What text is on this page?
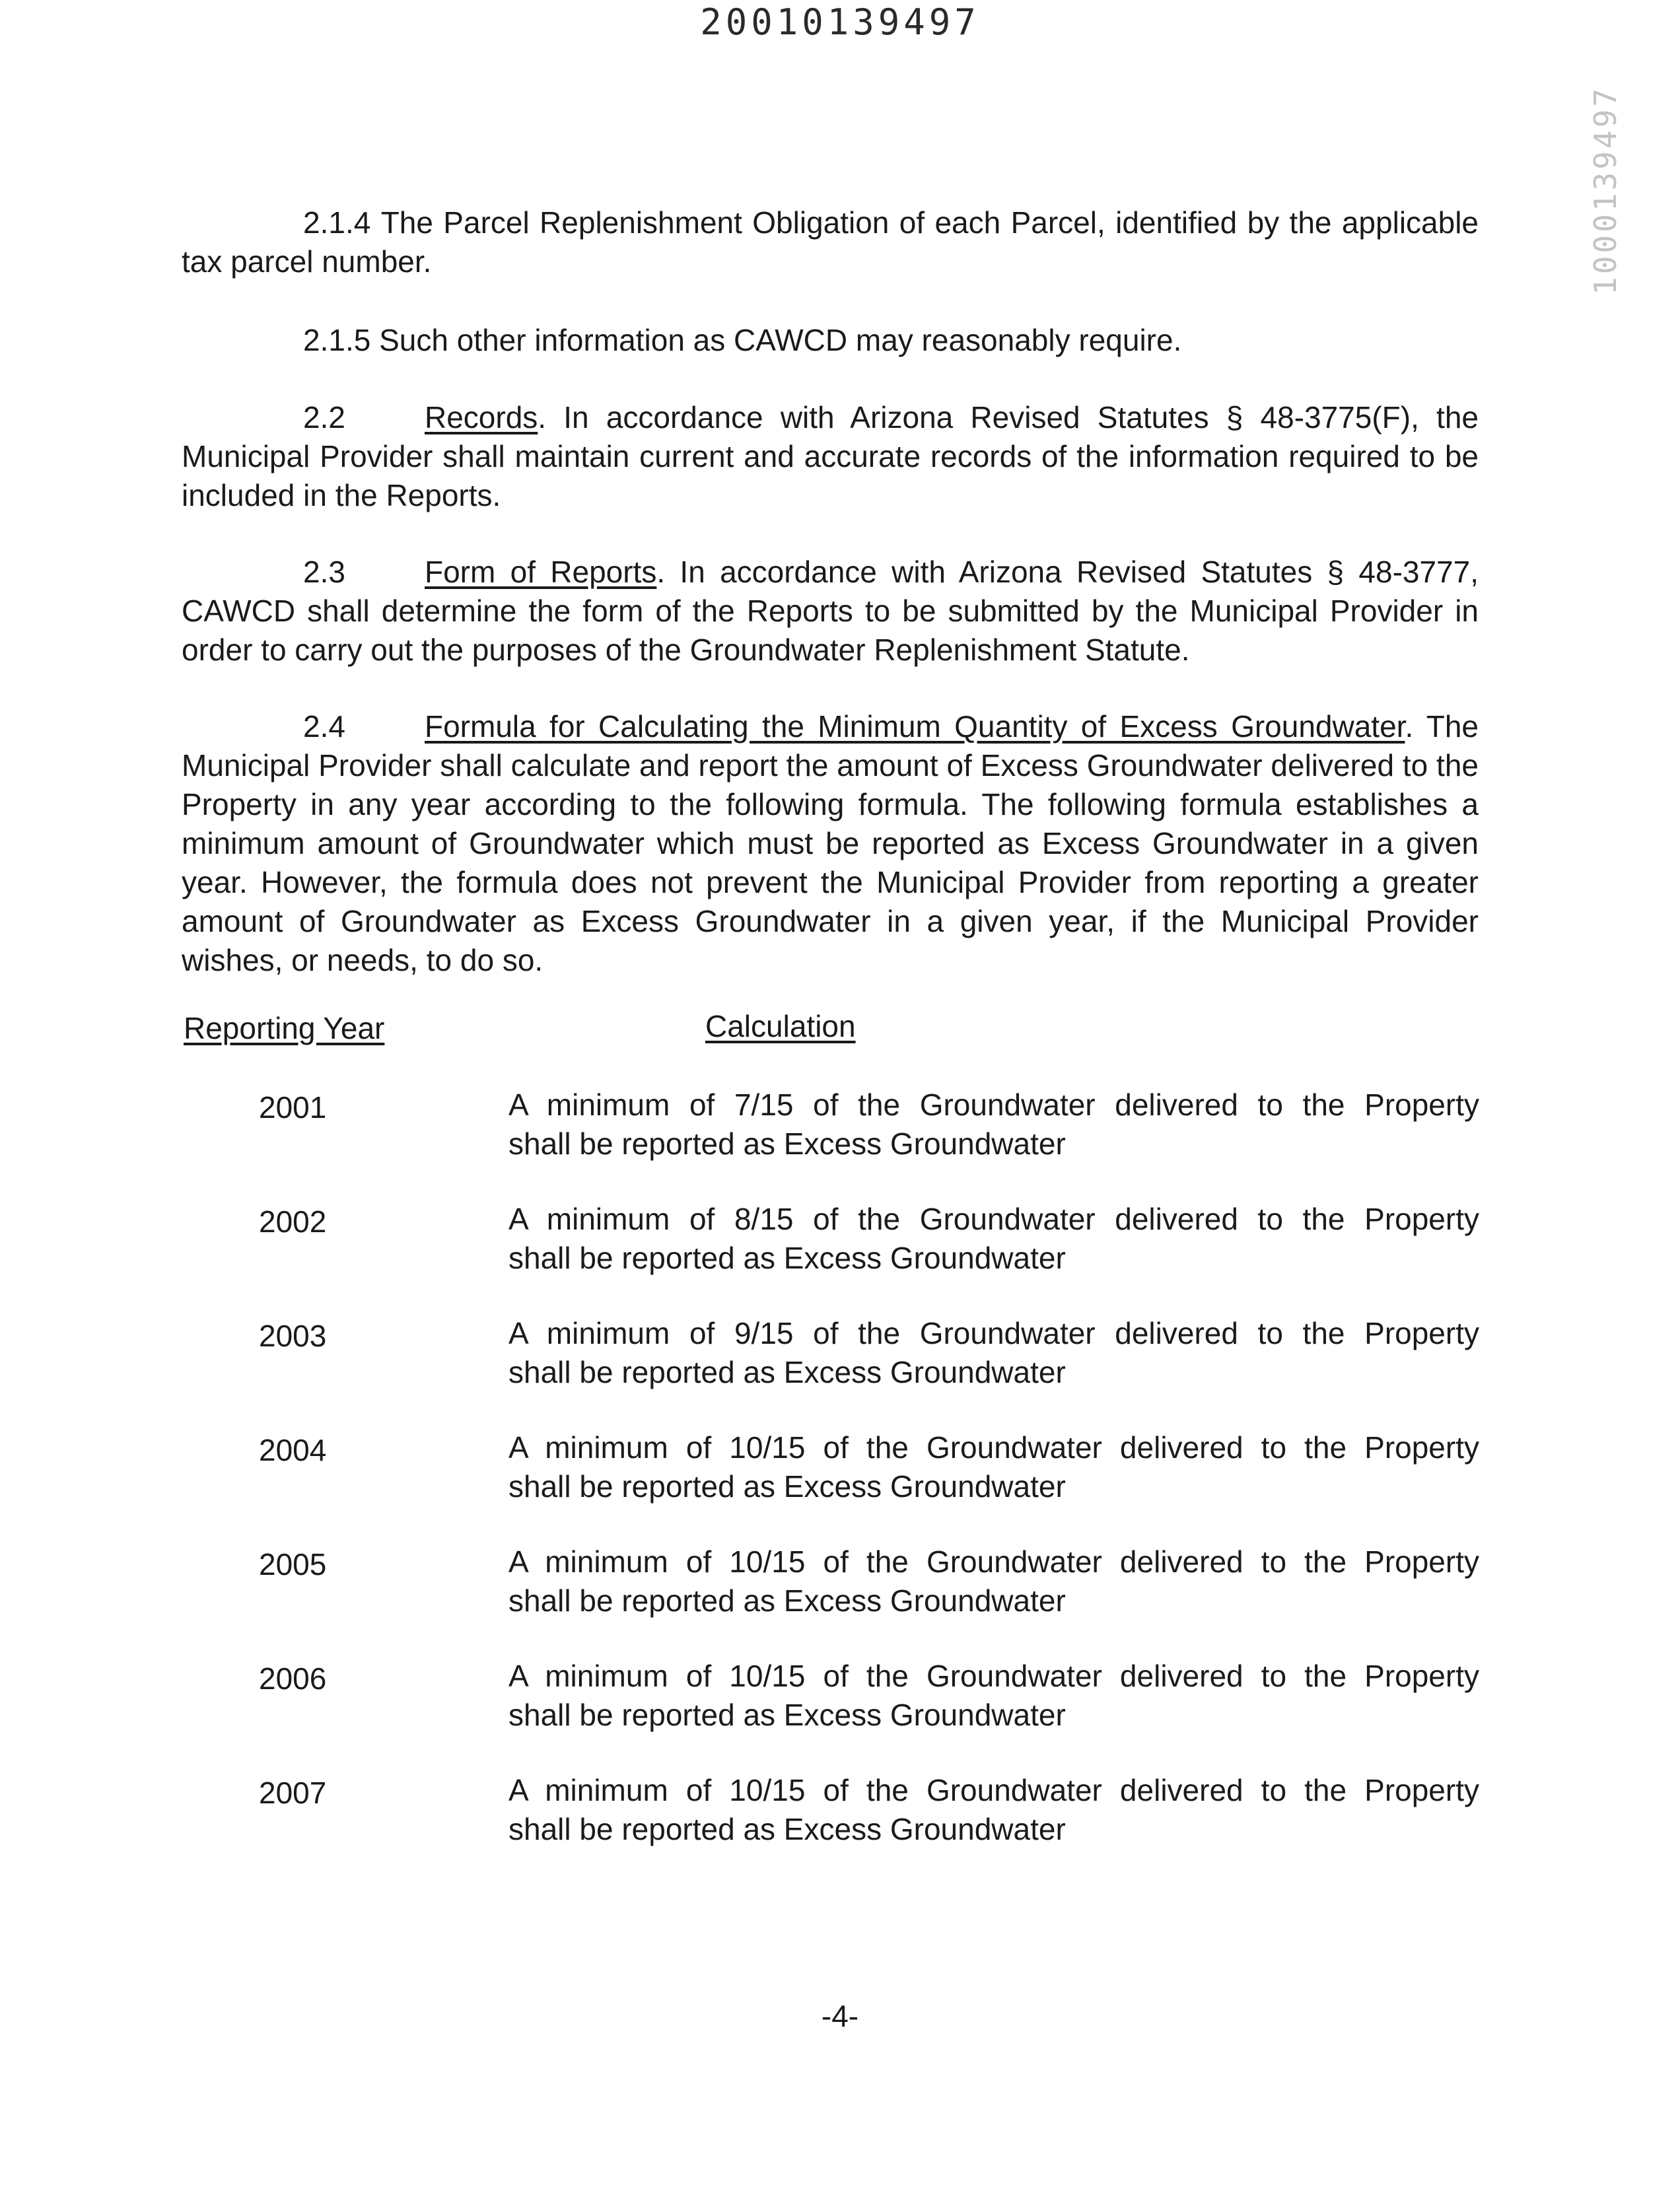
20010139497
1000139497

2.1.4 The Parcel Replenishment Obligation of each Parcel, identified by the applicable tax parcel number.

2.1.5 Such other information as CAWCD may reasonably require.

2.2	Records. In accordance with Arizona Revised Statutes § 48-3775(F), the Municipal Provider shall maintain current and accurate records of the information required to be included in the Reports.

2.3	Form of Reports. In accordance with Arizona Revised Statutes § 48-3777, CAWCD shall determine the form of the Reports to be submitted by the Municipal Provider in order to carry out the purposes of the Groundwater Replenishment Statute.

2.4	Formula for Calculating the Minimum Quantity of Excess Groundwater. The Municipal Provider shall calculate and report the amount of Excess Groundwater delivered to the Property in any year according to the following formula. The following formula establishes a minimum amount of Groundwater which must be reported as Excess Groundwater in a given year. However, the formula does not prevent the Municipal Provider from reporting a greater amount of Groundwater as Excess Groundwater in a given year, if the Municipal Provider wishes, or needs, to do so.

Reporting Year	Calculation
2001	A minimum of 7/15 of the Groundwater delivered to the Property
shall be reported as Excess Groundwater
2002	A minimum of 8/15 of the Groundwater delivered to the Property
shall be reported as Excess Groundwater
2003	A minimum of 9/15 of the Groundwater delivered to the Property
shall be reported as Excess Groundwater
2004	A minimum of 10/15 of the Groundwater delivered to the Property
shall be reported as Excess Groundwater
2005	A minimum of 10/15 of the Groundwater delivered to the Property
shall be reported as Excess Groundwater
2006	A minimum of 10/15 of the Groundwater delivered to the Property
shall be reported as Excess Groundwater
2007	A minimum of 10/15 of the Groundwater delivered to the Property
shall be reported as Excess Groundwater
-4-
